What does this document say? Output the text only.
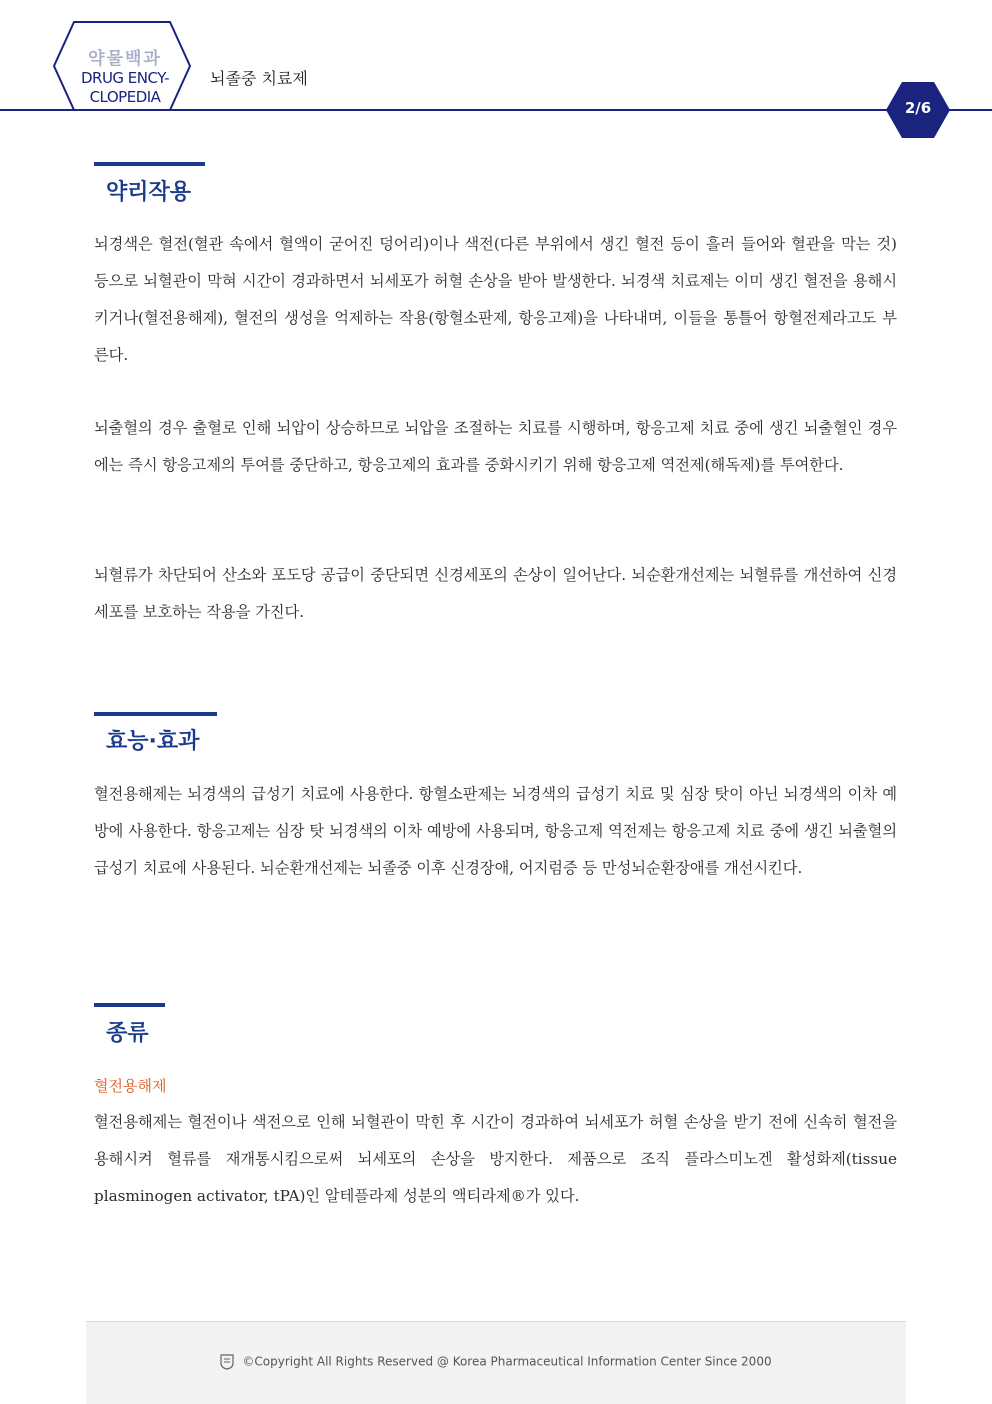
약물백과
DRUG ENCY-
CLOPEDIA
뇌졸중 치료제
2/6
약리작용
뇌경색은 혈전(혈관 속에서 혈액이 굳어진 덩어리)이나 색전(다른 부위에서 생긴 혈전 등이 흘러 들어와 혈관을 막는 것) 등으로 뇌혈관이 막혀 시간이 경과하면서 뇌세포가 허혈 손상을 받아 발생한다. 뇌경색 치료제는 이미 생긴 혈전을 용해시키거나(혈전용해제), 혈전의 생성을 억제하는 작용(항혈소판제, 항응고제)을 나타내며, 이들을 통틀어 항혈전제라고도 부른다.
뇌출혈의 경우 출혈로 인해 뇌압이 상승하므로 뇌압을 조절하는 치료를 시행하며, 항응고제 치료 중에 생긴 뇌출혈인 경우에는 즉시 항응고제의 투여를 중단하고, 항응고제의 효과를 중화시키기 위해 항응고제 역전제(해독제)를 투여한다.
뇌혈류가 차단되어 산소와 포도당 공급이 중단되면 신경세포의 손상이 일어난다. 뇌순환개선제는 뇌혈류를 개선하여 신경세포를 보호하는 작용을 가진다.
효능·효과
혈전용해제는 뇌경색의 급성기 치료에 사용한다. 항혈소판제는 뇌경색의 급성기 치료 및 심장 탓이 아닌 뇌경색의 이차 예방에 사용한다. 항응고제는 심장 탓 뇌경색의 이차 예방에 사용되며, 항응고제 역전제는 항응고제 치료 중에 생긴 뇌출혈의 급성기 치료에 사용된다. 뇌순환개선제는 뇌졸중 이후 신경장애, 어지럼증 등 만성뇌순환장애를 개선시킨다.
종류
혈전용해제
혈전용해제는 혈전이나 색전으로 인해 뇌혈관이 막힌 후 시간이 경과하여 뇌세포가 허혈 손상을 받기 전에 신속히 혈전을 용해시켜 혈류를 재개통시킴으로써 뇌세포의 손상을 방지한다. 제품으로 조직 플라스미노겐 활성화제(tissue plasminogen activator, tPA)인 알테플라제 성분의 액티라제®가 있다.
©Copyright All Rights Reserved @ Korea Pharmaceutical Information Center Since 2000
